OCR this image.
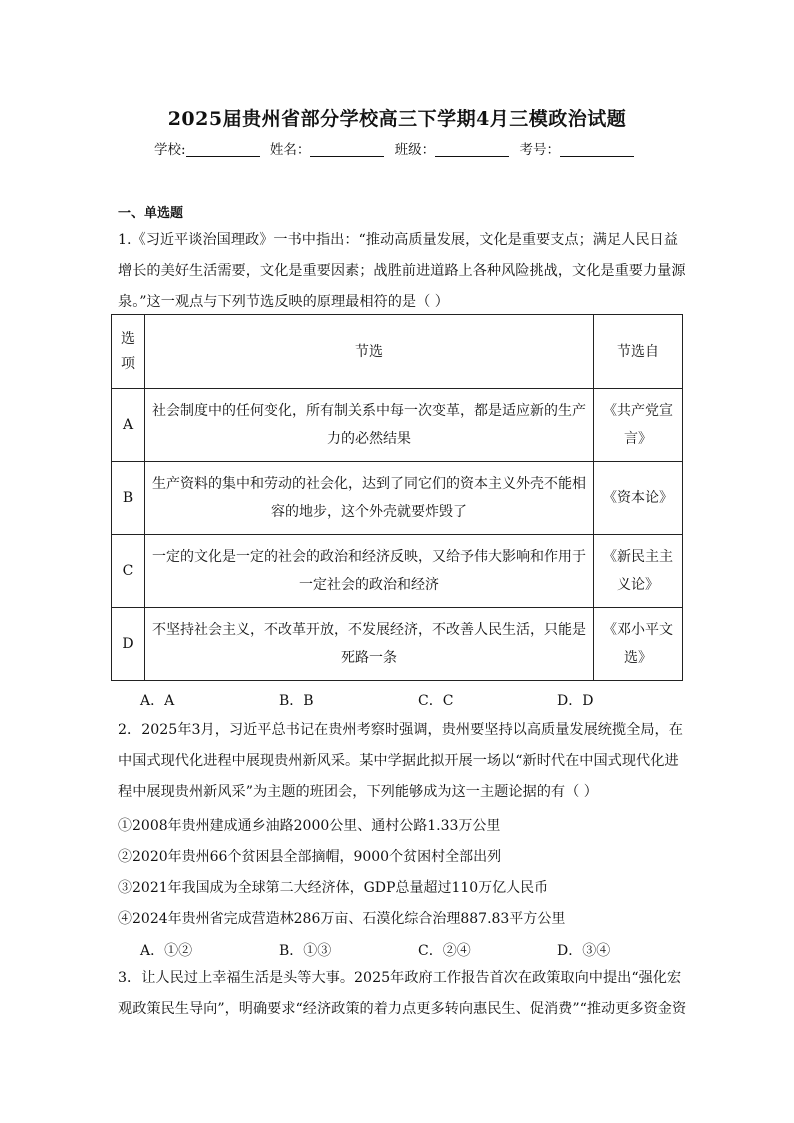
2025届贵州省部分学校高三下学期4月三模政治试题
学校:	姓名：	班级：	考号：
一、单选题
1.《习近平谈治国理政》一书中指出：“推动高质量发展，文化是重要支点；满足人民日益
增长的美好生活需要，文化是重要因素；战胜前进道路上各种风险挑战，文化是重要力量源
泉。”这一观点与下列节选反映的原理最相符的是（ ）
选
项	节选	节选自
A	社会制度中的任何变化，所有制关系中每一次变革，都是适应新的生产
力的必然结果	《共产党宣
言》
B	生产资料的集中和劳动的社会化，达到了同它们的资本主义外壳不能相
容的地步，这个外壳就要炸毁了	《资本论》
C	一定的文化是一定的社会的政治和经济反映，又给予伟大影响和作用于
一定社会的政治和经济	《新民主主
义论》
D	不坚持社会主义，不改革开放，不发展经济，不改善人民生活，只能是
死路一条	《邓小平文
选》
A．A	B．B	C．C	D．D
2．2025年3月，习近平总书记在贵州考察时强调，贵州要坚持以高质量发展统揽全局，在
中国式现代化进程中展现贵州新风采。某中学据此拟开展一场以“新时代在中国式现代化进
程中展现贵州新风采”为主题的班团会，下列能够成为这一主题论据的有（ ）
①2008年贵州建成通乡油路2000公里、通村公路1.33万公里
②2020年贵州66个贫困县全部摘帽，9000个贫困村全部出列
③2021年我国成为全球第二大经济体，GDP总量超过110万亿人民币
④2024年贵州省完成营造林286万亩、石漠化综合治理887.83平方公里
A．①②	B．①③	C．②④	D．③④
3．让人民过上幸福生活是头等大事。2025年政府工作报告首次在政策取向中提出“强化宏
观政策民生导向”，明确要求“经济政策的着力点更多转向惠民生、促消费”“推动更多资金资
